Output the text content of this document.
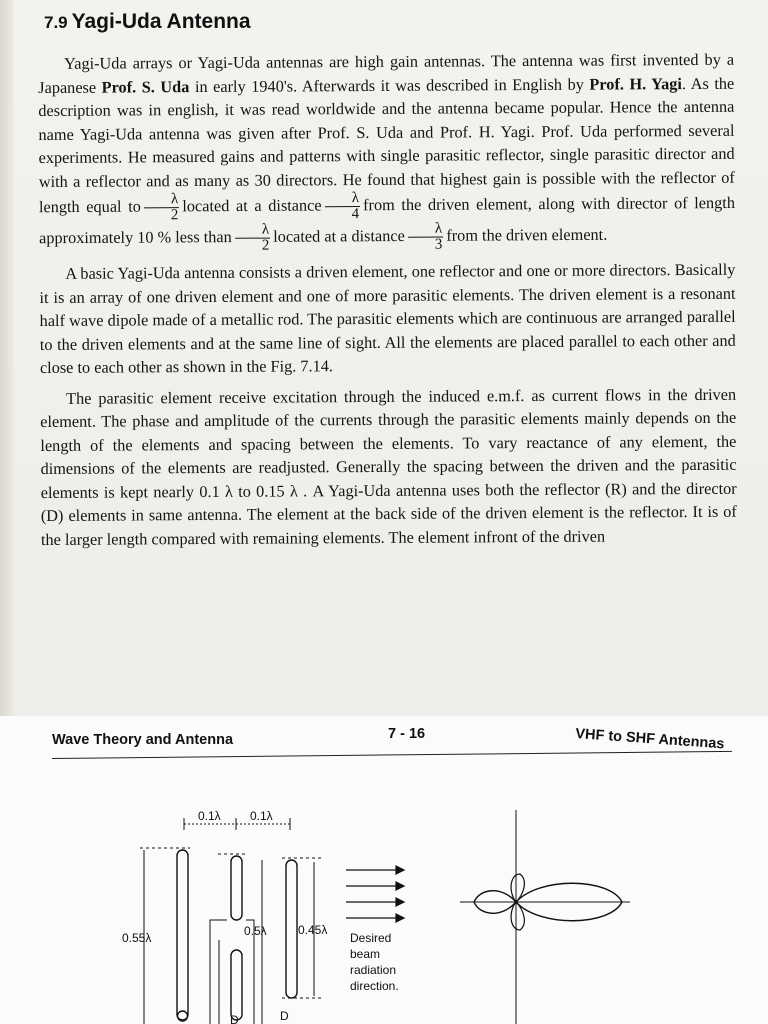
7.9 Yagi-Uda Antenna

Yagi-Uda arrays or Yagi-Uda antennas are high gain antennas. The antenna was first invented by a Japanese Prof. S. Uda in early 1940's. Afterwards it was described in English by Prof. H. Yagi. As the description was in english, it was read worldwide and the antenna became popular. Hence the antenna name Yagi-Uda antenna was given after Prof. S. Uda and Prof. H. Yagi. Prof. Uda performed several experiments. He measured gains and patterns with single parasitic reflector, single parasitic director and with a reflector and as many as 30 directors. He found that highest gain is possible with the reflector of length equal to $\frac{\lambda}{2}$ located at a distance $\frac{\lambda}{4}$ from the driven element, along with director of length approximately 10 % less than $\frac{\lambda}{2}$ located at a distance $\frac{\lambda}{3}$ from the driven element.

A basic Yagi-Uda antenna consists a driven element, one reflector and one or more directors. Basically it is an array of one driven element and one of more parasitic elements. The driven element is a resonant half wave dipole made of a metallic rod. The parasitic elements which are continuous are arranged parallel to the driven elements and at the same line of sight. All the elements are placed parallel to each other and close to each other as shown in the Fig. 7.14.

The parasitic element receive excitation through the induced e.m.f. as current flows in the driven element. The phase and amplitude of the currents through the parasitic elements mainly depends on the length of the elements and spacing between the elements. To vary reactance of any element, the dimensions of the elements are readjusted. Generally the spacing between the driven and the parasitic elements is kept nearly 0.1 λ to 0.15 λ . A Yagi-Uda antenna uses both the reflector (R) and the director (D) elements in same antenna. The element at the back side of the driven element is the reflector. It is of the larger length compared with remaining elements. The element infront of the driven

Wave Theory and Antenna	7 - 16	VHF to SHF Antennas
0.1λ 0.1λ
0.55λ	0.5λ
D
0.45λ
D
Desired
beam
radiation
direction.
